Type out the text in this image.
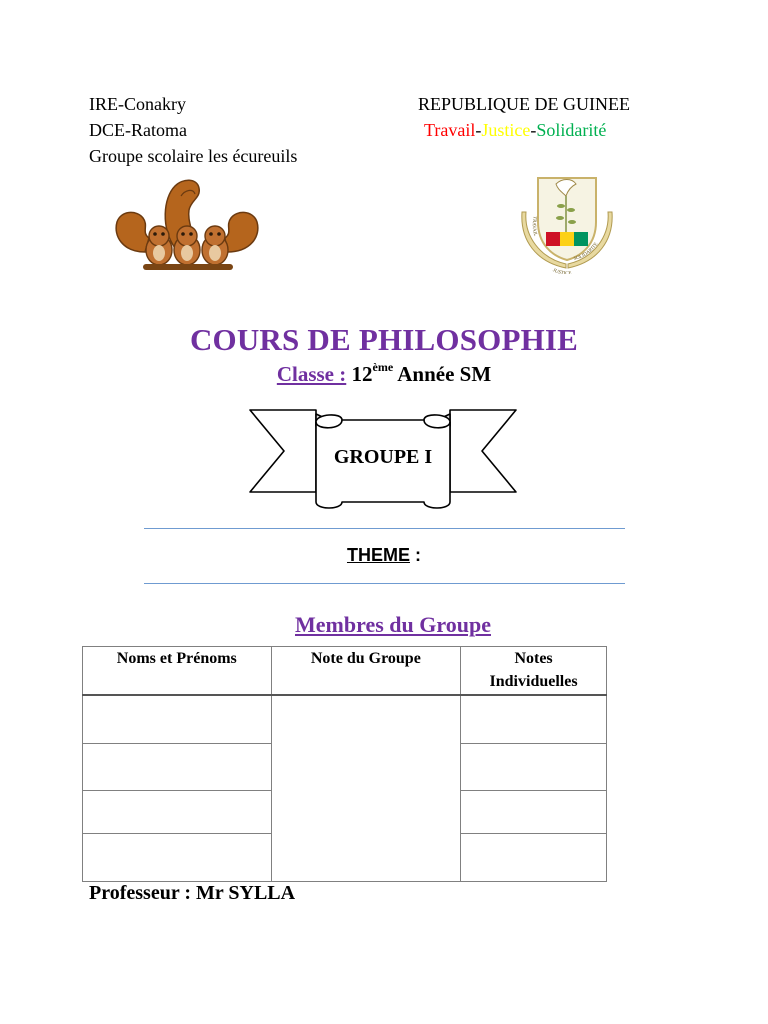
IRE-Conakry
DCE-Ratoma
Groupe scolaire les écureuils
REPUBLIQUE DE GUINEE
Travail-Justice-Solidarité
TRAVAIL
JUSTI E
SOLIDARITE
COURS DE PHILOSOPHIE
Classe : 12ème Année SM
GROUPE I
THEME :
Membres du Groupe
Noms et Prénoms	Note du Groupe	Notes Individuelles

Professeur : Mr SYLLA
